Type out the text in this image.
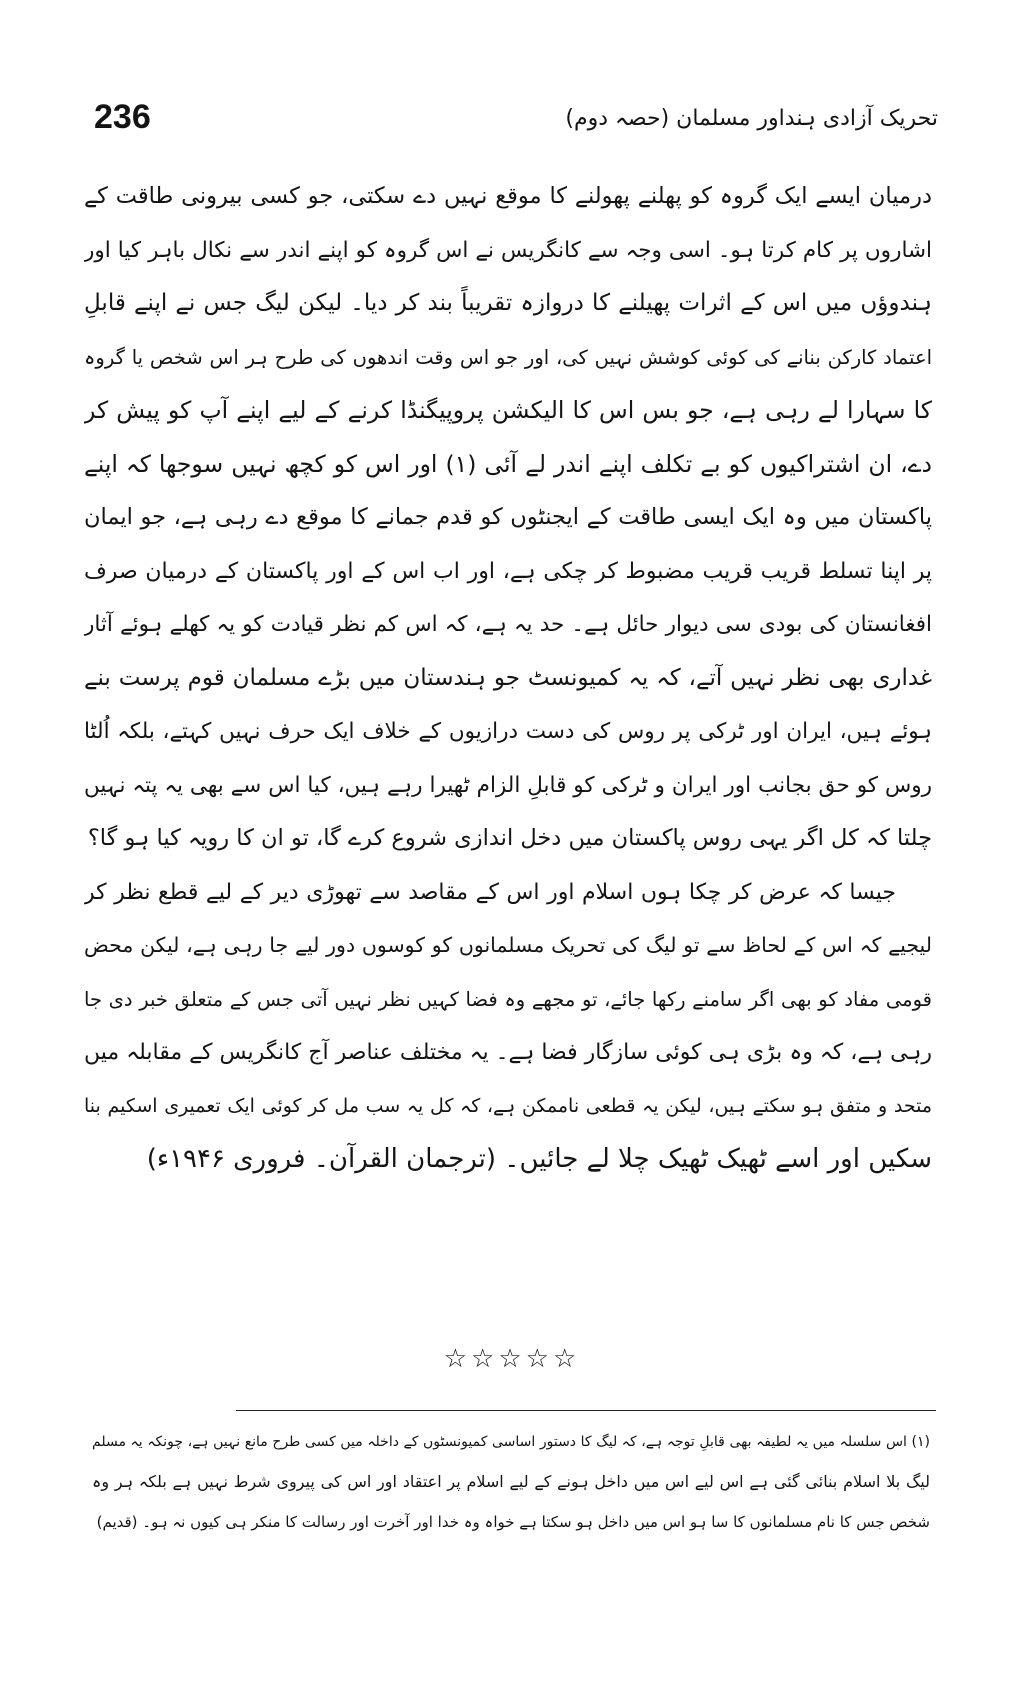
236	تحریک آزادی ہنداور مسلمان (حصہ دوم)
درمیان ایسے ایک گروہ کو پھلنے پھولنے کا موقع نہیں دے سکتی، جو کسی بیرونی طاقت کے
اشاروں پر کام کرتا ہو۔ اسی وجہ سے کانگریس نے اس گروہ کو اپنے اندر سے نکال باہر کیا اور
ہندوؤں میں اس کے اثرات پھیلنے کا دروازہ تقریباً بند کر دیا۔ لیکن لیگ جس نے اپنے قابلِ
اعتماد کارکن بنانے کی کوئی کوشش نہیں کی، اور جو اس وقت اندھوں کی طرح ہر اس شخص یا گروہ
کا سہارا لے رہی ہے، جو بس اس کا الیکشن پروپیگنڈا کرنے کے لیے اپنے آپ کو پیش کر
دے، ان اشتراکیوں کو بے تکلف اپنے اندر لے آئی (۱) اور اس کو کچھ نہیں سوجھا کہ اپنے
پاکستان میں وہ ایک ایسی طاقت کے ایجنٹوں کو قدم جمانے کا موقع دے رہی ہے، جو ایمان
پر اپنا تسلط قریب قریب مضبوط کر چکی ہے، اور اب اس کے اور پاکستان کے درمیان صرف
افغانستان کی بودی سی دیوار حائل ہے۔ حد یہ ہے، کہ اس کم نظر قیادت کو یہ کھلے ہوئے آثار
غداری بھی نظر نہیں آتے، کہ یہ کمیونسٹ جو ہندستان میں بڑے مسلمان قوم پرست بنے
ہوئے ہیں، ایران اور ٹرکی پر روس کی دست درازیوں کے خلاف ایک حرف نہیں کہتے، بلکہ اُلٹا
روس کو حق بجانب اور ایران و ٹرکی کو قابلِ الزام ٹھیرا رہے ہیں، کیا اس سے بھی یہ پتہ نہیں
چلتا کہ کل اگر یہی روس پاکستان میں دخل اندازی شروع کرے گا، تو ان کا رویہ کیا ہو گا؟
جیسا کہ عرض کر چکا ہوں اسلام اور اس کے مقاصد سے تھوڑی دیر کے لیے قطع نظر کر
لیجیے کہ اس کے لحاظ سے تو لیگ کی تحریک مسلمانوں کو کوسوں دور لیے جا رہی ہے، لیکن محض
قومی مفاد کو بھی اگر سامنے رکھا جائے، تو مجھے وہ فضا کہیں نظر نہیں آتی جس کے متعلق خبر دی جا
رہی ہے، کہ وہ بڑی ہی کوئی سازگار فضا ہے۔ یہ مختلف عناصر آج کانگریس کے مقابلہ میں
متحد و متفق ہو سکتے ہیں، لیکن یہ قطعی ناممکن ہے، کہ کل یہ سب مل کر کوئی ایک تعمیری اسکیم بنا
سکیں اور اسے ٹھیک ٹھیک چلا لے جائیں۔ (ترجمان القرآن۔ فروری ۱۹۴۶ء)
☆☆☆☆☆
(۱) اس سلسلہ میں یہ لطیفہ بھی قابلِ توجہ ہے، کہ لیگ کا دستور اساسی کمیونسٹوں کے داخلہ میں کسی طرح مانع نہیں ہے، چونکہ یہ مسلم
لیگ بلا اسلام بنائی گئی ہے اس لیے اس میں داخل ہونے کے لیے اسلام پر اعتقاد اور اس کی پیروی شرط نہیں ہے بلکہ ہر وہ
شخص جس کا نام مسلمانوں کا سا ہو اس میں داخل ہو سکتا ہے خواہ وہ خدا اور آخرت اور رسالت کا منکر ہی کیوں نہ ہو۔ (قدیم)
